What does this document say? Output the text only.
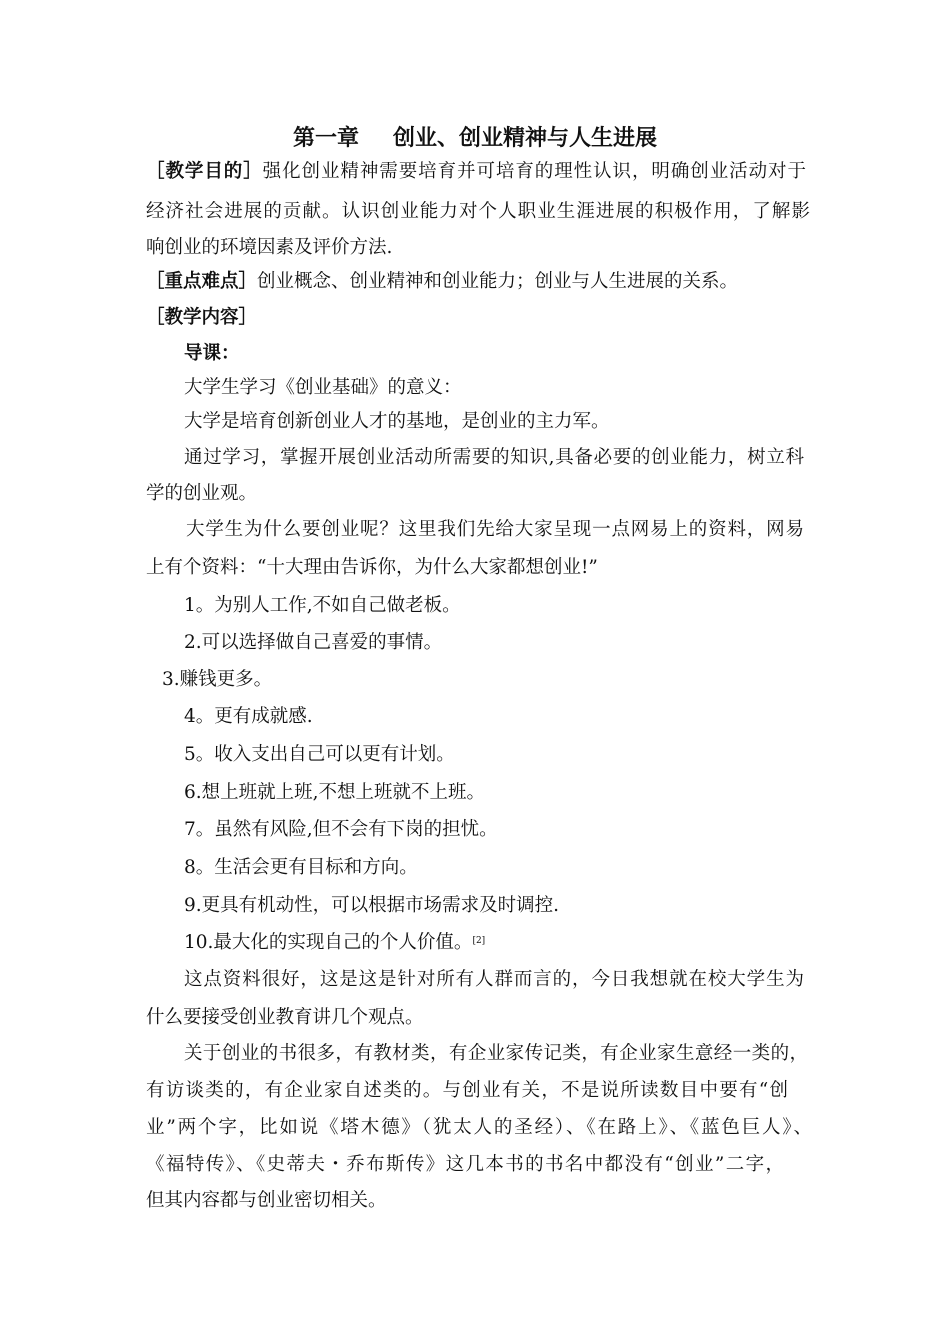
第一章 创业、创业精神与人生进展
［教学目的］强化创业精神需要培育并可培育的理性认识，明确创业活动对于
经济社会进展的贡献。认识创业能力对个人职业生涯进展的积极作用，了解影
响创业的环境因素及评价方法.
［重点难点］创业概念、创业精神和创业能力；创业与人生进展的关系。
［教学内容］
导课：
大学生学习《创业基础》的意义：
大学是培育创新创业人才的基地，是创业的主力军。
通过学习，掌握开展创业活动所需要的知识,具备必要的创业能力，树立科
学的创业观。
大学生为什么要创业呢？这里我们先给大家呈现一点网易上的资料，网易
上有个资料：“十大理由告诉你，为什么大家都想创业!”
1。为别人工作,不如自己做老板。
2.可以选择做自己喜爱的事情。
3.赚钱更多。
4。更有成就感.
5。收入支出自己可以更有计划。
6.想上班就上班,不想上班就不上班。
7。虽然有风险,但不会有下岗的担忧。
8。生活会更有目标和方向。
9.更具有机动性，可以根据市场需求及时调控.
10.最大化的实现自己的个人价值。[2]
这点资料很好，这是这是针对所有人群而言的，今日我想就在校大学生为
什么要接受创业教育讲几个观点。
关于创业的书很多，有教材类，有企业家传记类，有企业家生意经一类的，
有访谈类的，有企业家自述类的。与创业有关，不是说所读数目中要有“创
业”两个字，比如说《塔木德》（犹太人的圣经）、《在路上》、《蓝色巨人》、
《福特传》、《史蒂夫・乔布斯传》这几本书的书名中都没有“创业”二字，
但其内容都与创业密切相关。
